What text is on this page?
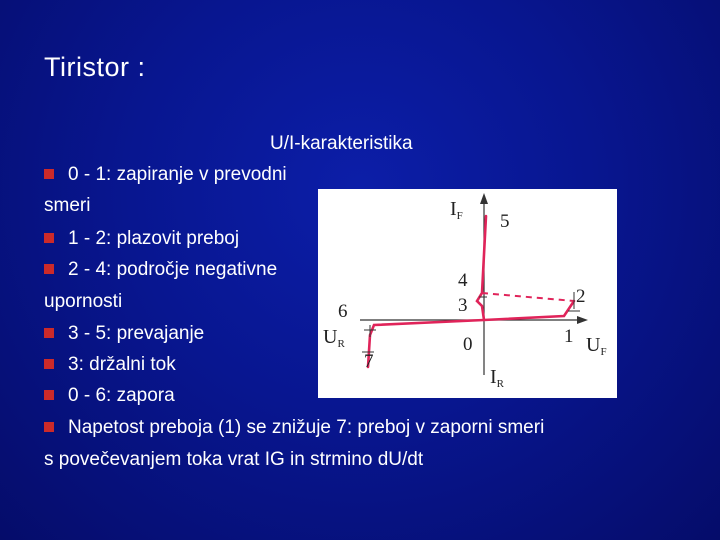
Tiristor :
U/I-karakteristika
0 - 1: zapiranje v prevodni
smeri
1 - 2: plazovit preboj
2 - 4: področje negativne
upornosti
3 - 5: prevajanje
3: držalni tok
0 - 6: zapora
Napetost preboja (1) se znižuje 7: preboj v zaporni smeri
s povečevanjem toka vrat IG in strmino dU/dt
$I_F$
$I_R$
$U_R$	$U_F$
0	1
2
3
4
5
6
7
